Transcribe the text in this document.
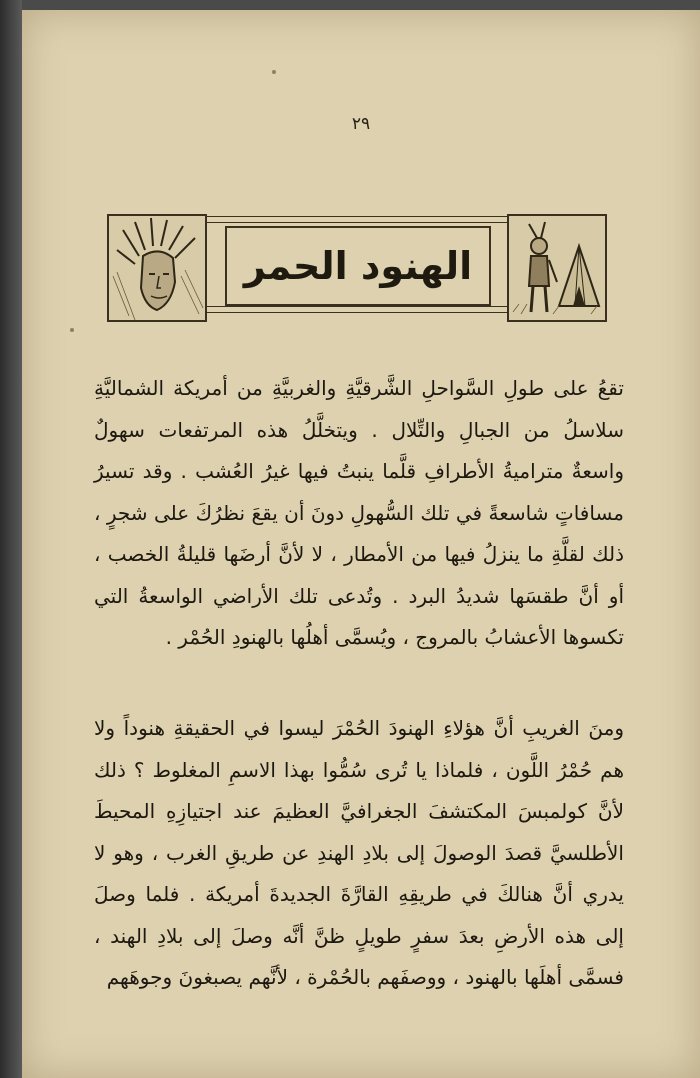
٢٩
الهنود الحمر
تقعُ على طولِ السَّواحلِ الشَّرقيَّةِ والغربيَّةِ من أمريكة الشماليَّةِ سلاسلُ من الجبالِ والتِّلال . ويتخلَّلُ هذه المرتفعات سهولٌ واسعةٌ متراميةُ الأطرافِ قلَّما ينبتُ فيها غيرُ العُشب . وقد تسيرُ مسافاتٍ شاسعةً في تلك السُّهولِ دونَ أن يقعَ نظرُكَ على شجرٍ ، ذلك لقلَّةِ ما ينزلُ فيها من الأمطار ، لا لأنَّ أرضَها قليلةُ الخصب ، أو أنَّ طقسَها شديدُ البرد . وتُدعى تلك الأراضي الواسعةُ التي تكسوها الأعشابُ بالمروج ، ويُسمَّى أهلُها بالهنودِ الحُمْر .
ومنَ الغريبِ أنَّ هؤلاءِ الهنودَ الحُمْرَ ليسوا في الحقيقةِ هنوداً ولا هم حُمْرُ اللَّون ، فلماذا يا تُرى سُمُّوا بهذا الاسمِ المغلوط ؟ ذلك لأنَّ كولمبسَ المكتشفَ الجغرافيَّ العظيمَ عند اجتيازِهِ المحيطَ الأطلسيَّ قصدَ الوصولَ إلى بلادِ الهندِ عن طريقِ الغرب ، وهو لا يدري أنَّ هنالكَ في طريقِهِ القارَّةَ الجديدةَ أمريكة . فلما وصلَ إلى هذه الأرضِ بعدَ سفرٍ طويلٍ ظنَّ أنَّه وصلَ إلى بلادِ الهند ، فسمَّى أهلَها بالهنود ، ووصفَهم بالحُمْرة ، لأنَّهم يصبغونَ وجوهَهم
